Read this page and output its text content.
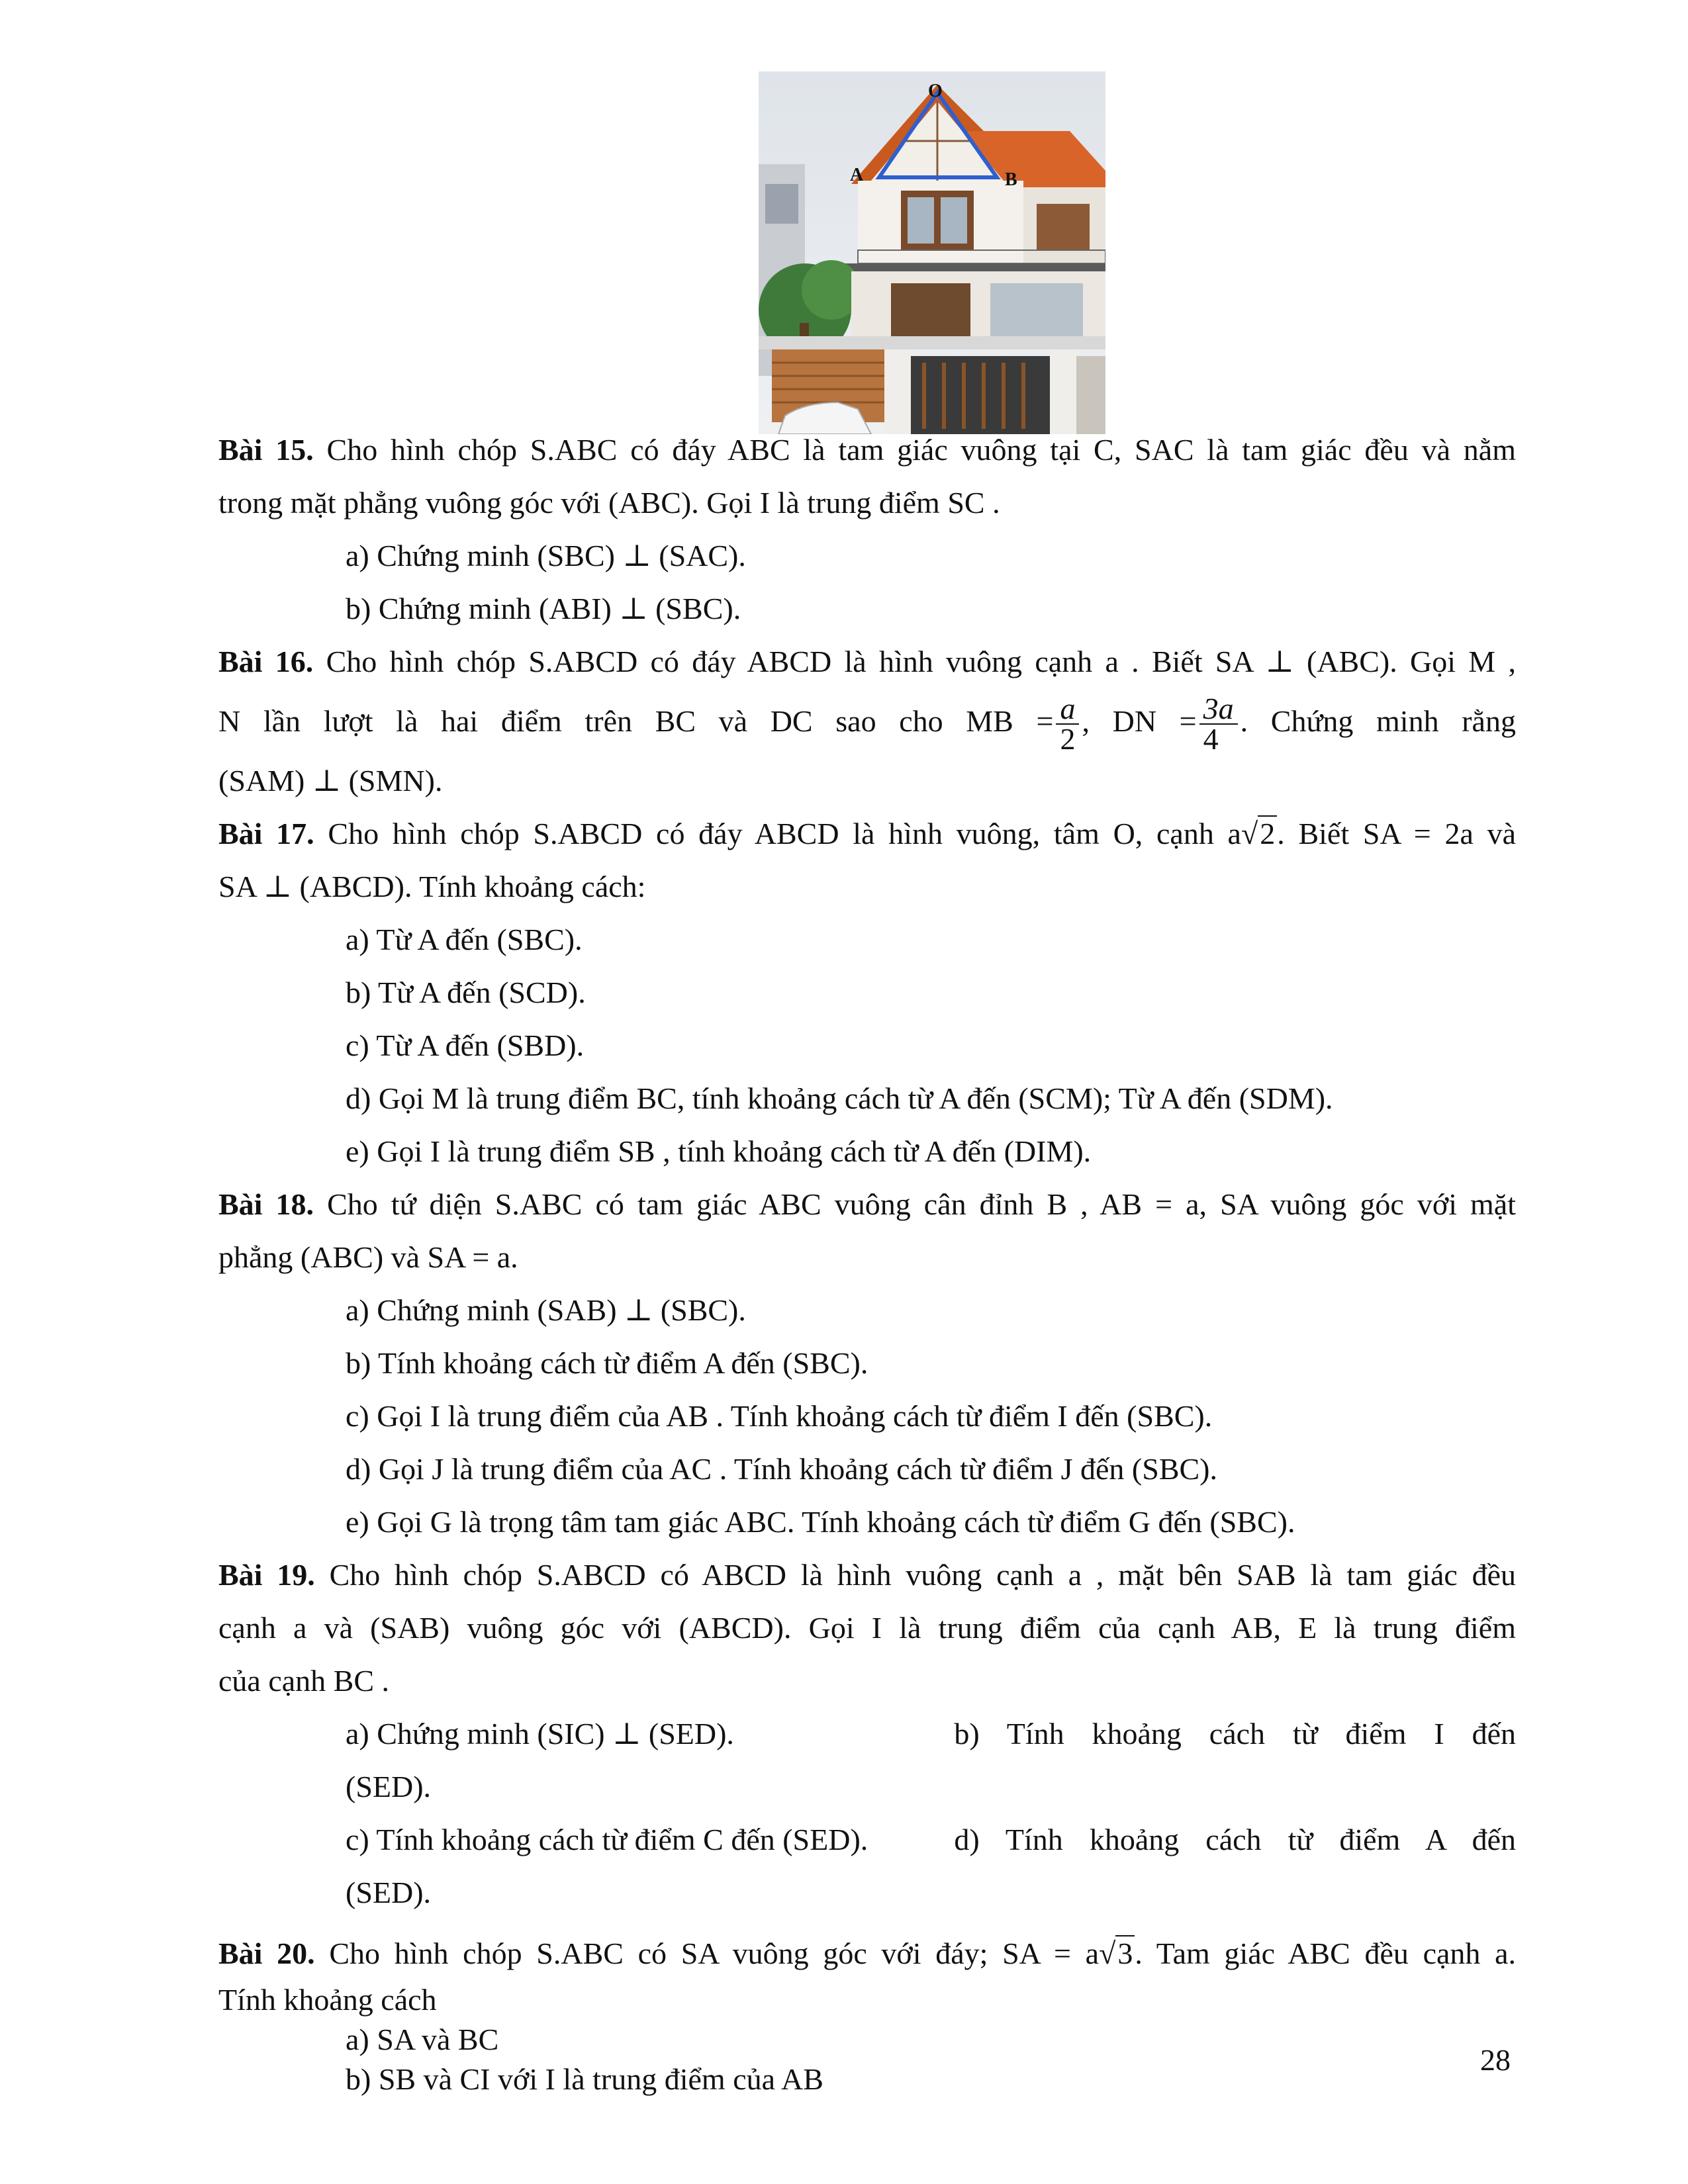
O
A	B

Bài 15. Cho hình chóp S.ABC có đáy ABC là tam giác vuông tại C, SAC là tam giác đều và nằm

trong mặt phẳng vuông góc với (ABC). Gọi I là trung điểm SC .

a) Chứng minh (SBC) ⊥ (SAC).

b) Chứng minh (ABI) ⊥ (SBC).

Bài 16. Cho hình chóp S.ABCD có đáy ABCD là hình vuông cạnh a . Biết SA ⊥ (ABC). Gọi M ,

N lần lượt là hai điểm trên BC và DC sao cho MB = $\frac{a}{2}$ , DN = $\frac{3a}{4}$ . Chứng minh rằng

(SAM) ⊥ (SMN).

Bài 17. Cho hình chóp S.ABCD có đáy ABCD là hình vuông, tâm O, cạnh a√2. Biết SA = 2a và

SA ⊥ (ABCD). Tính khoảng cách:

a) Từ A đến (SBC).

b) Từ A đến (SCD).

c) Từ A đến (SBD).

d) Gọi M là trung điểm BC, tính khoảng cách từ A đến (SCM); Từ A đến (SDM).

e) Gọi I là trung điểm SB , tính khoảng cách từ A đến (DIM).

Bài 18. Cho tứ diện S.ABC có tam giác ABC vuông cân đỉnh B , AB = a, SA vuông góc với mặt

phẳng (ABC) và SA = a.

a) Chứng minh (SAB) ⊥ (SBC).

b) Tính khoảng cách từ điểm A đến (SBC).

c) Gọi I là trung điểm của AB . Tính khoảng cách từ điểm I đến (SBC).

d) Gọi J là trung điểm của AC . Tính khoảng cách từ điểm J đến (SBC).

e) Gọi G là trọng tâm tam giác ABC. Tính khoảng cách từ điểm G đến (SBC).

Bài 19. Cho hình chóp S.ABCD có ABCD là hình vuông cạnh a , mặt bên SAB là tam giác đều

cạnh a và (SAB) vuông góc với (ABCD). Gọi I là trung điểm của cạnh AB, E là trung điểm

của cạnh BC .

a) Chứng minh (SIC) ⊥ (SED).	b) Tính khoảng cách từ điểm I đến

(SED).

c) Tính khoảng cách từ điểm C đến (SED).	d) Tính khoảng cách từ điểm A đến

(SED).

Bài 20. Cho hình chóp S.ABC có SA vuông góc với đáy; SA = a√3. Tam giác ABC đều cạnh a.

Tính khoảng cách

a) SA và BC

b) SB và CI với I là trung điểm của AB

28
